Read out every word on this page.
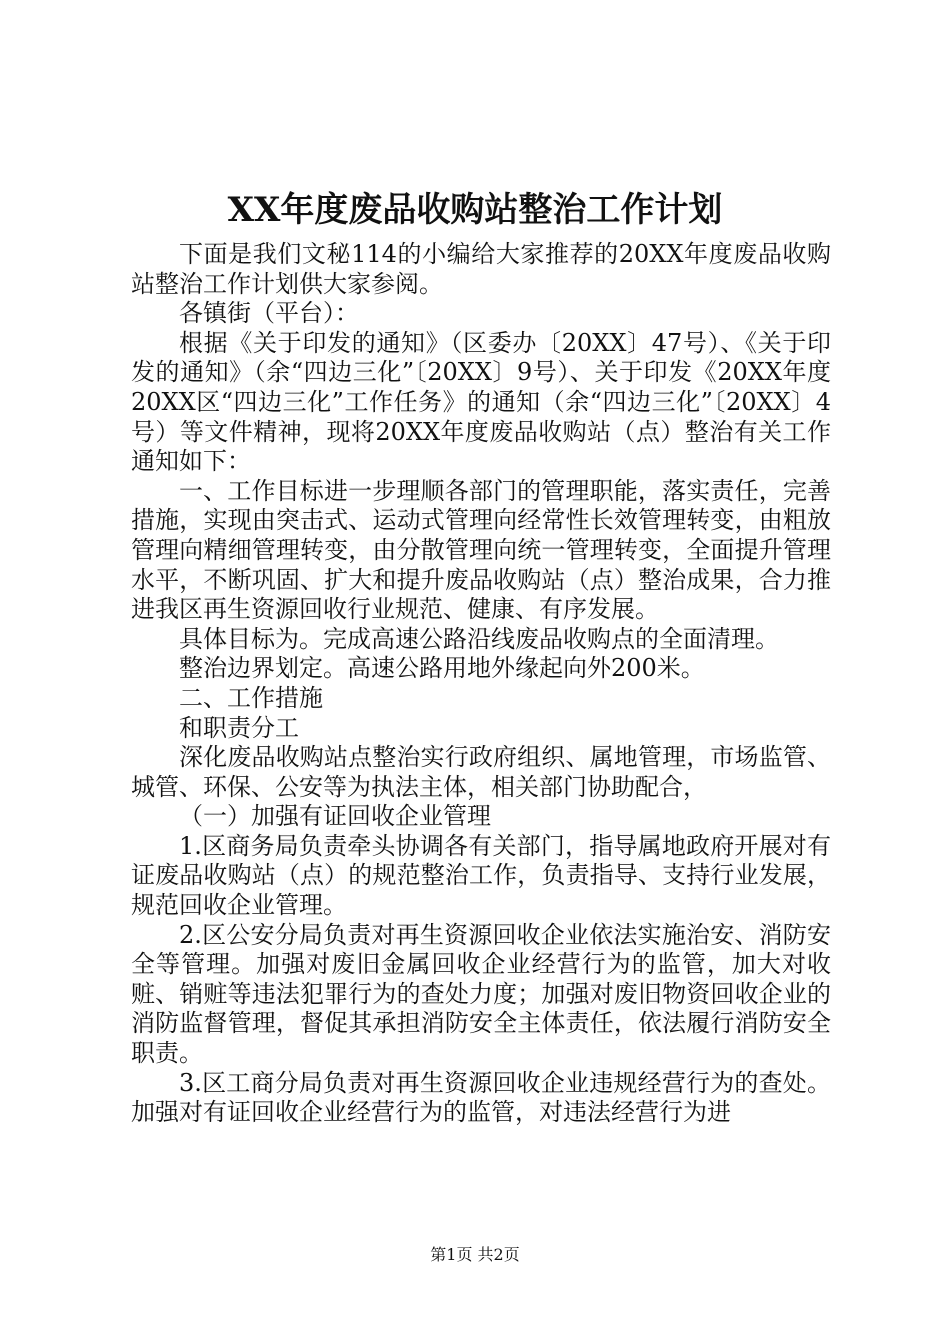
XX年度废品收购站整治工作计划

下面是我们文秘114的小编给大家推荐的20XX年度废品收购站整治工作计划供大家参阅。

各镇街（平台）：

根据《关于印发的通知》（区委办〔20XX〕47号）、《关于印发的通知》（余“四边三化”〔20XX〕9号）、关于印发《20XX年度20XX区“四边三化”工作任务》的通知（余“四边三化”〔20XX〕4号）等文件精神，现将20XX年度废品收购站（点）整治有关工作通知如下：

一、工作目标进一步理顺各部门的管理职能，落实责任，完善措施，实现由突击式、运动式管理向经常性长效管理转变，由粗放管理向精细管理转变，由分散管理向统一管理转变，全面提升管理水平，不断巩固、扩大和提升废品收购站（点）整治成果，合力推进我区再生资源回收行业规范、健康、有序发展。

具体目标为。完成高速公路沿线废品收购点的全面清理。

整治边界划定。高速公路用地外缘起向外200米。

二、工作措施

和职责分工

深化废品收购站点整治实行政府组织、属地管理，市场监管、城管、环保、公安等为执法主体，相关部门协助配合，

（一）加强有证回收企业管理

1.区商务局负责牵头协调各有关部门，指导属地政府开展对有证废品收购站（点）的规范整治工作，负责指导、支持行业发展，规范回收企业管理。

2.区公安分局负责对再生资源回收企业依法实施治安、消防安全等管理。加强对废旧金属回收企业经营行为的监管，加大对收赃、销赃等违法犯罪行为的查处力度；加强对废旧物资回收企业的消防监督管理，督促其承担消防安全主体责任，依法履行消防安全职责。

3.区工商分局负责对再生资源回收企业违规经营行为的查处。加强对有证回收企业经营行为的监管，对违法经营行为进

第1页 共2页
